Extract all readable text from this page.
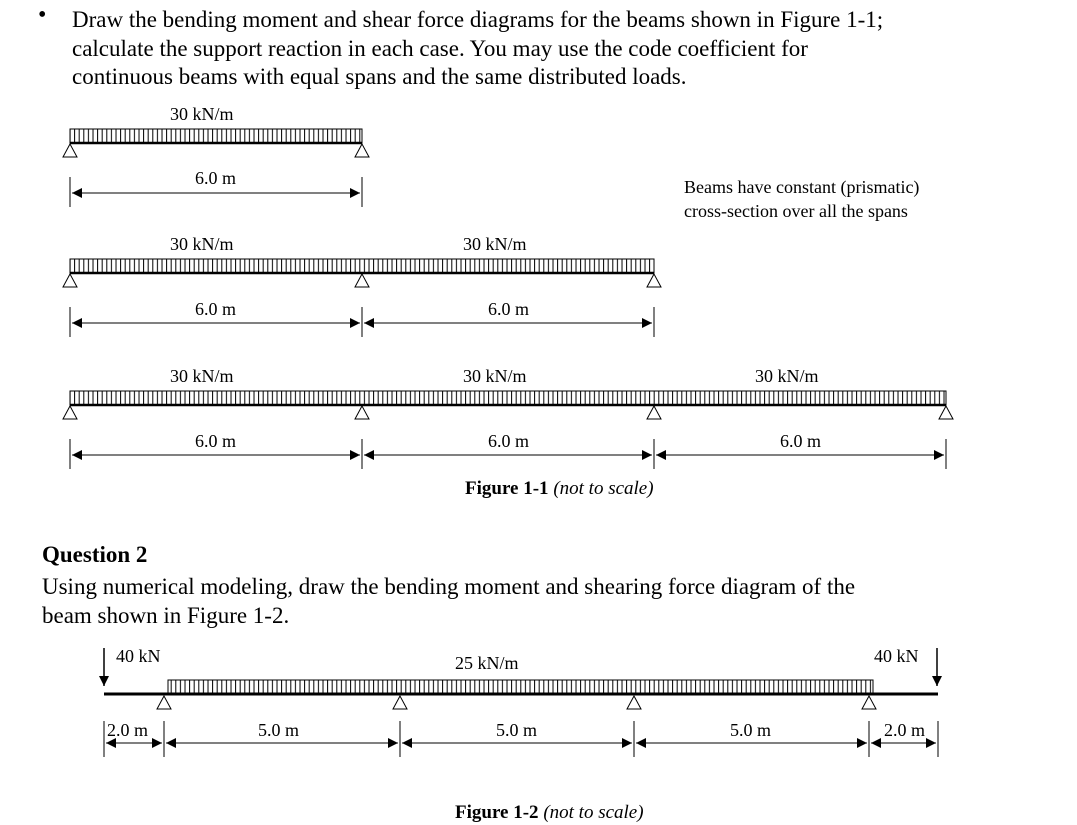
• Draw the bending moment and shear force diagrams for the beams shown in Figure 1-1;
calculate the support reaction in each case. You may use the code coefficient for
continuous beams with equal spans and the same distributed loads.
30 kN/m
6.0 m	Beams have constant (prismatic)
cross-section over all the spans
30 kN/m	30 kN/m
6.0 m	6.0 m
30 kN/m	30 kN/m	30 kN/m
6.0 m	6.0 m	6.0 m
Figure 1-1 (not to scale)
Question 2
Using numerical modeling, draw the bending moment and shearing force diagram of the
beam shown in Figure 1-2.
40 kN	40 kN
25 kN/m
2.0 m	5.0 m	5.0 m	5.0 m	2.0 m
Figure 1-2 (not to scale)
